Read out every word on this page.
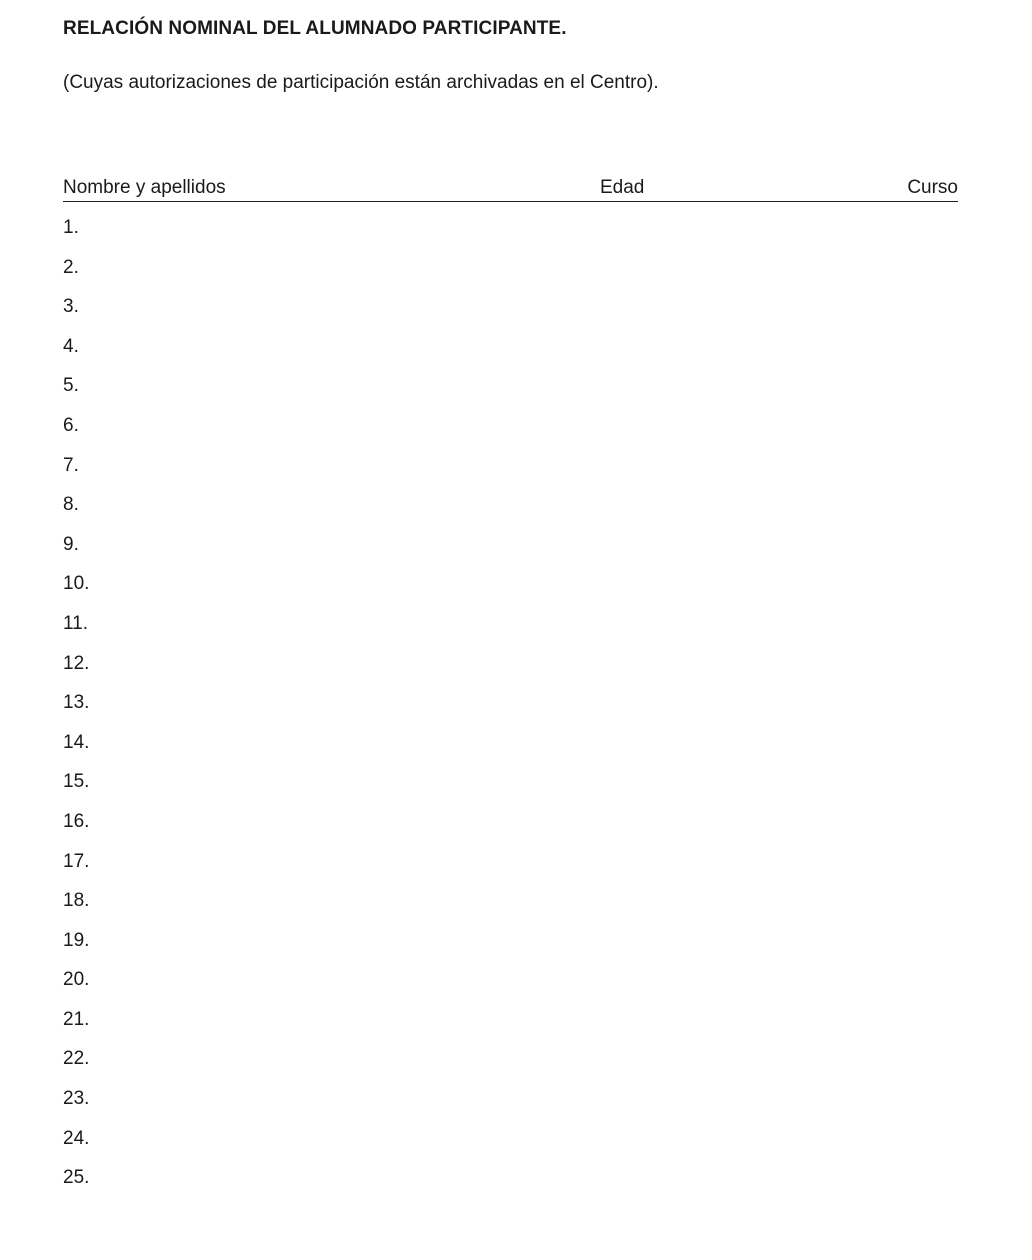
RELACIÓN NOMINAL DEL ALUMNADO PARTICIPANTE.
(Cuyas autorizaciones de participación están archivadas en el Centro).
Nombre y apellidos	Edad	Curso
1.
2.
3.
4.
5.
6.
7.
8.
9.
10.
11.
12.
13.
14.
15.
16.
17.
18.
19.
20.
21.
22.
23.
24.
25.
